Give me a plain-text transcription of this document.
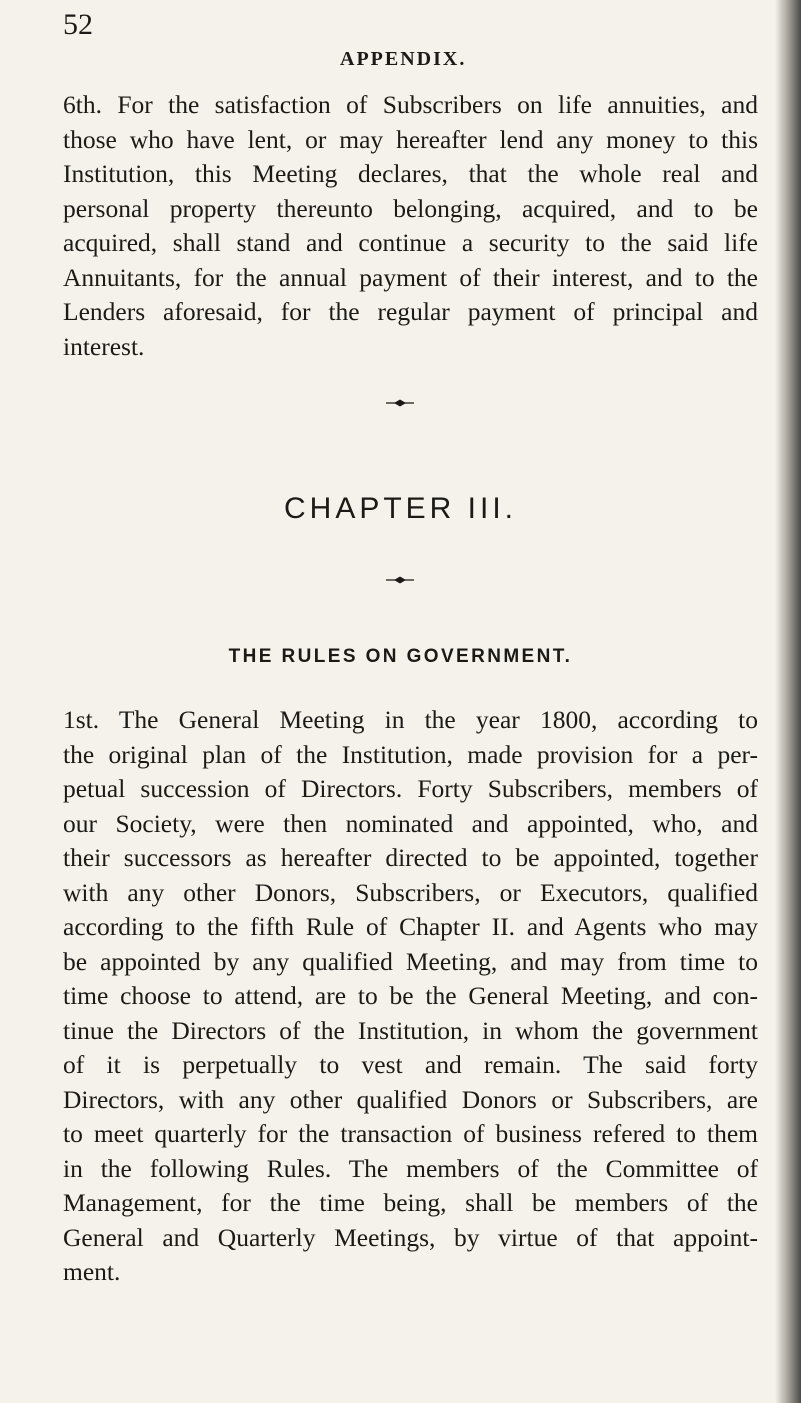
52
APPENDIX.
6th. For the satisfaction of Subscribers on life annuities, and
those who have lent, or may hereafter lend any money to this
Institution, this Meeting declares, that the whole real and
personal property thereunto belonging, acquired, and to be
acquired, shall stand and continue a security to the said life
Annuitants, for the annual payment of their interest, and to the
Lenders aforesaid, for the regular payment of principal and
interest.
CHAPTER III.
THE RULES ON GOVERNMENT.
1st. The General Meeting in the year 1800, according to
the original plan of the Institution, made provision for a per-
petual succession of Directors. Forty Subscribers, members of
our Society, were then nominated and appointed, who, and
their successors as hereafter directed to be appointed, together
with any other Donors, Subscribers, or Executors, qualified
according to the fifth Rule of Chapter II. and Agents who may
be appointed by any qualified Meeting, and may from time to
time choose to attend, are to be the General Meeting, and con-
tinue the Directors of the Institution, in whom the government
of it is perpetually to vest and remain. The said forty
Directors, with any other qualified Donors or Subscribers, are
to meet quarterly for the transaction of business refered to them
in the following Rules. The members of the Committee of
Management, for the time being, shall be members of the
General and Quarterly Meetings, by virtue of that appoint-
ment.
